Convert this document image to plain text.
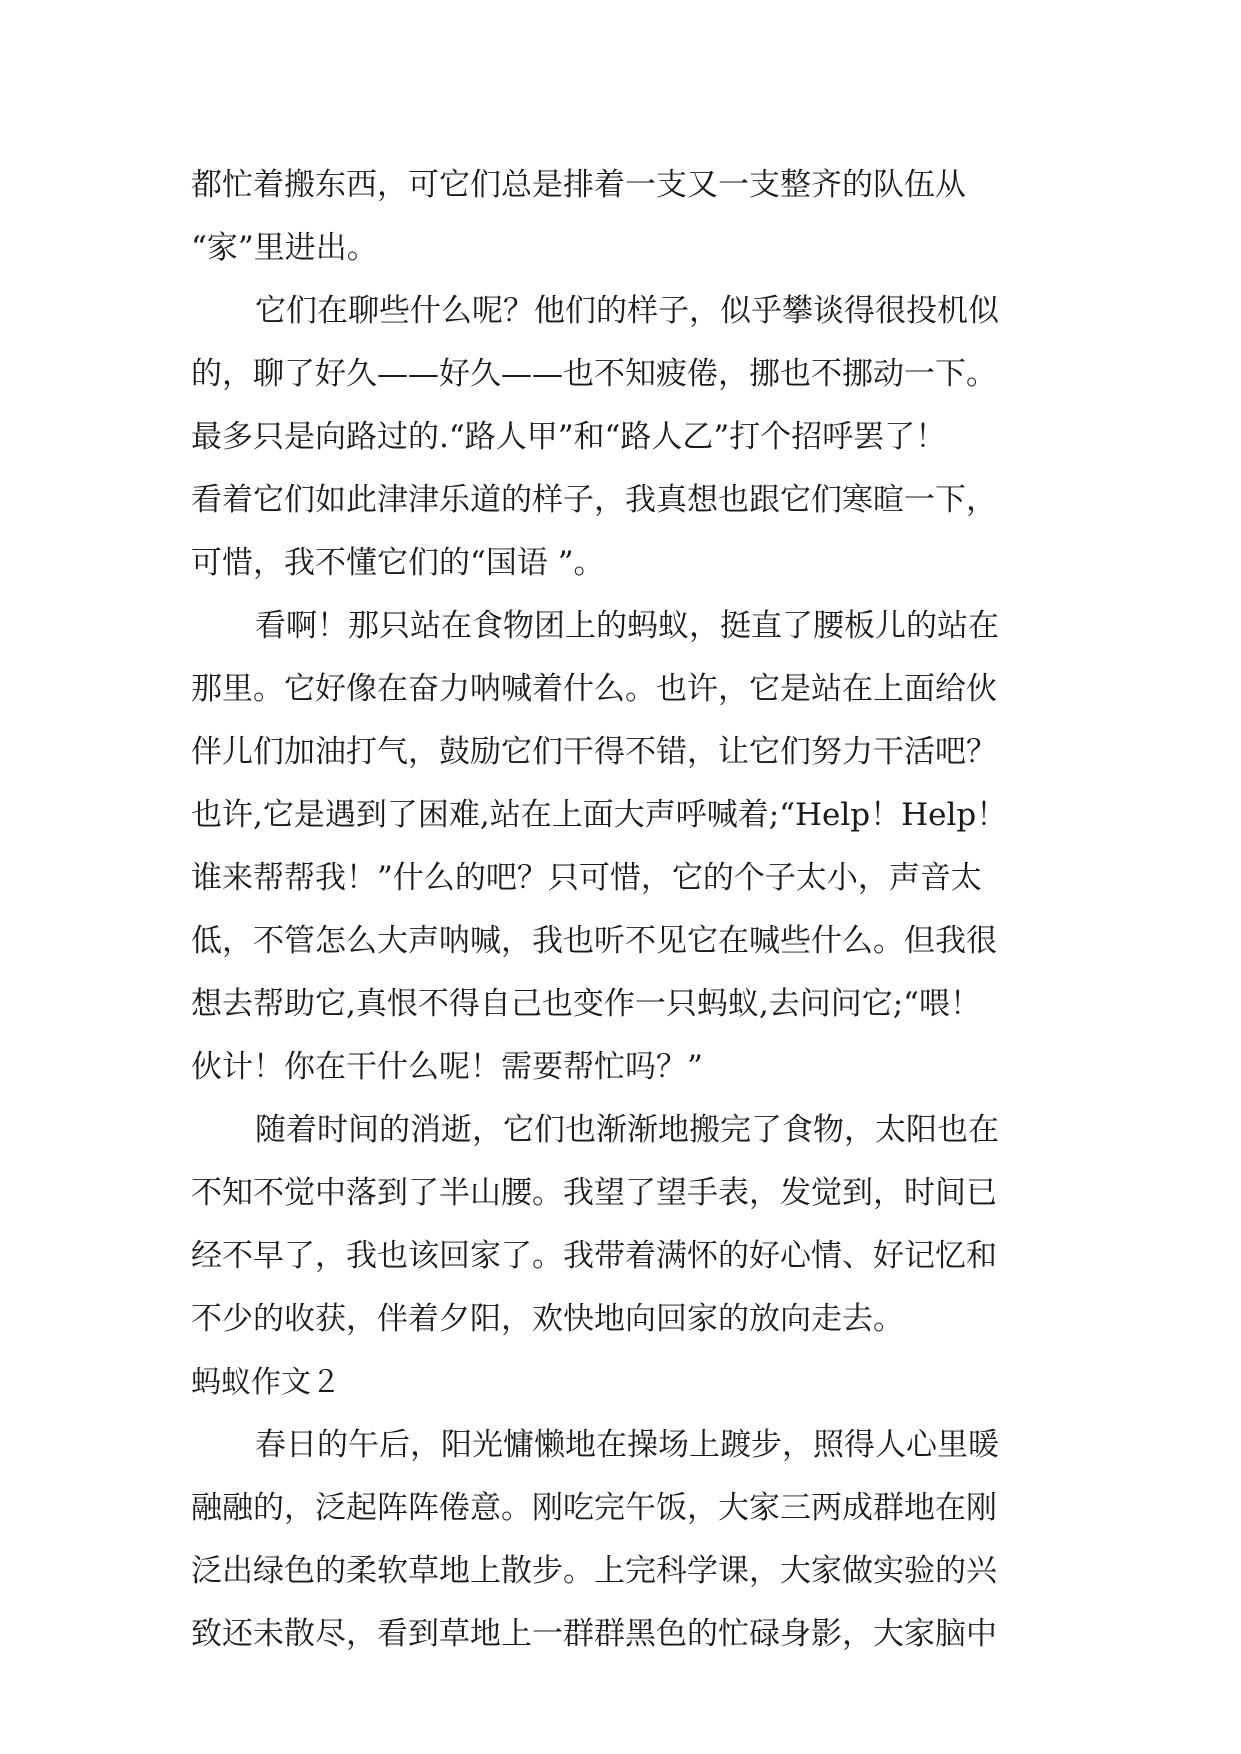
都忙着搬东西，可它们总是排着一支又一支整齐的队伍从
“家”里进出。
它们在聊些什么呢？他们的样子，似乎攀谈得很投机似
的，聊了好久——好久——也不知疲倦，挪也不挪动一下。
最多只是向路过的.“路人甲”和“路人乙”打个招呼罢了！
看着它们如此津津乐道的样子，我真想也跟它们寒暄一下，
可惜，我不懂它们的“国语 ”。
看啊！那只站在食物团上的蚂蚁，挺直了腰板儿的站在
那里。它好像在奋力呐喊着什么。也许，它是站在上面给伙
伴儿们加油打气，鼓励它们干得不错，让它们努力干活吧？
也许,它是遇到了困难,站在上面大声呼喊着;“Help！Help！
谁来帮帮我！”什么的吧？只可惜，它的个子太小，声音太
低，不管怎么大声呐喊，我也听不见它在喊些什么。但我很
想去帮助它,真恨不得自己也变作一只蚂蚁,去问问它;“喂！
伙计！你在干什么呢！需要帮忙吗？”
随着时间的消逝，它们也渐渐地搬完了食物，太阳也在
不知不觉中落到了半山腰。我望了望手表，发觉到，时间已
经不早了，我也该回家了。我带着满怀的好心情、好记忆和
不少的收获，伴着夕阳，欢快地向回家的放向走去。
蚂蚁作文２
春日的午后，阳光慵懒地在操场上踱步，照得人心里暖
融融的，泛起阵阵倦意。刚吃完午饭，大家三两成群地在刚
泛出绿色的柔软草地上散步。上完科学课，大家做实验的兴
致还未散尽，看到草地上一群群黑色的忙碌身影，大家脑中
